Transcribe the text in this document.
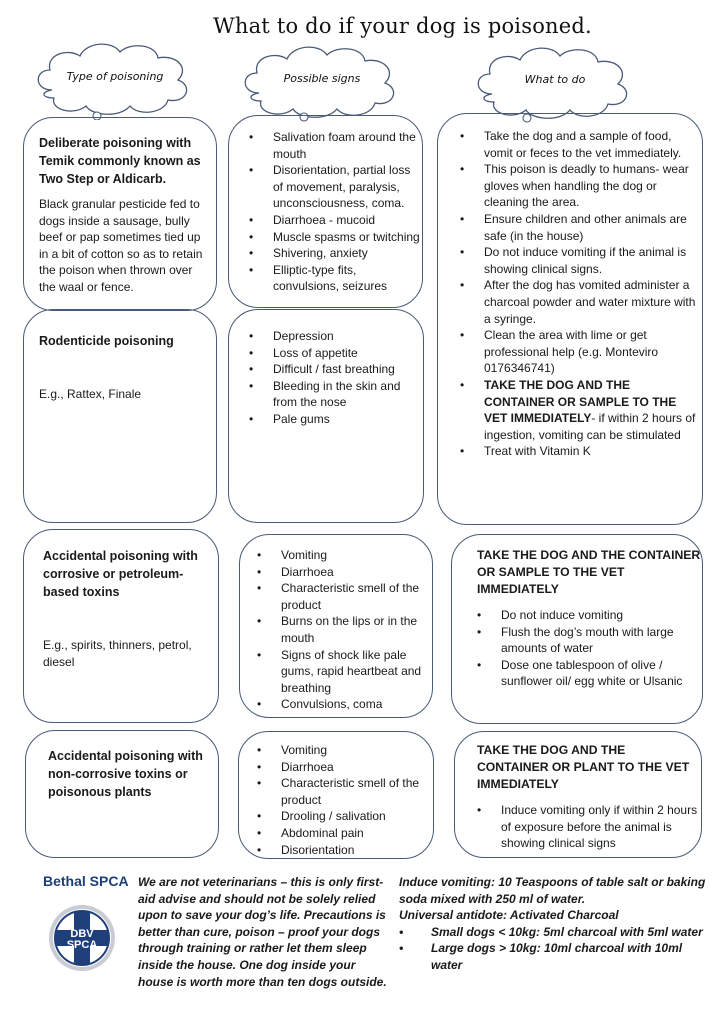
What to do if your dog is poisoned.
Type of poisoning	Possible signs	What to do
Deliberate poisoning with Temik commonly known as Two Step or Aldicarb.
Black granular pesticide fed to dogs inside a sausage, bully beef or pap sometimes tied up in a bit of cotton so as to retain the poison when thrown over the waal or fence.
• Salivation foam around the mouth
• Disorientation, partial loss of movement, paralysis, unconsciousness, coma.
• Diarrhoea - mucoid
• Muscle spasms or twitching
• Shivering, anxiety
• Elliptic-type fits, convulsions, seizures
• Take the dog and a sample of food, vomit or feces to the vet immediately.
• This poison is deadly to humans- wear gloves when handling the dog or cleaning the area.
• Ensure children and other animals are safe (in the house)
• Do not induce vomiting if the animal is showing clinical signs.
• After the dog has vomited administer a charcoal powder and water mixture with a syringe.
• Clean the area with lime or get professional help (e.g. Monteviro 0176346741)
• TAKE THE DOG AND THE CONTAINER OR SAMPLE TO THE VET IMMEDIATELY- if within 2 hours of ingestion, vomiting can be stimulated
• Treat with Vitamin K
Rodenticide poisoning
E.g., Rattex, Finale
• Depression
• Loss of appetite
• Difficult / fast breathing
• Bleeding in the skin and from the nose
• Pale gums
Accidental poisoning with corrosive or petroleum-based toxins
E.g., spirits, thinners, petrol, diesel
• Vomiting
• Diarrhoea
• Characteristic smell of the product
• Burns on the lips or in the mouth
• Signs of shock like pale gums, rapid heartbeat and breathing
• Convulsions, coma
TAKE THE DOG AND THE CONTAINER OR SAMPLE TO THE VET IMMEDIATELY
• Do not induce vomiting
• Flush the dog’s mouth with large amounts of water
• Dose one tablespoon of olive / sunflower oil/ egg white or Ulsanic
Accidental poisoning with non-corrosive toxins or poisonous plants
• Vomiting
• Diarrhoea
• Characteristic smell of the product
• Drooling / salivation
• Abdominal pain
• Disorientation
TAKE THE DOG AND THE CONTAINER OR PLANT TO THE VET IMMEDIATELY
• Induce vomiting only if within 2 hours of exposure before the animal is showing clinical signs
Bethal SPCA
DBV
SPCA
We are not veterinarians – this is only first-aid advise and should not be solely relied upon to save your dog’s life. Precautions is better than cure, poison – proof your dogs through training or rather let them sleep inside the house. One dog inside your house is worth more than ten dogs outside.
Induce vomiting: 10 Teaspoons of table salt or baking soda mixed with 250 ml of water.
Universal antidote: Activated Charcoal
• Small dogs < 10kg: 5ml charcoal with 5ml water
• Large dogs > 10kg: 10ml charcoal with 10ml water
